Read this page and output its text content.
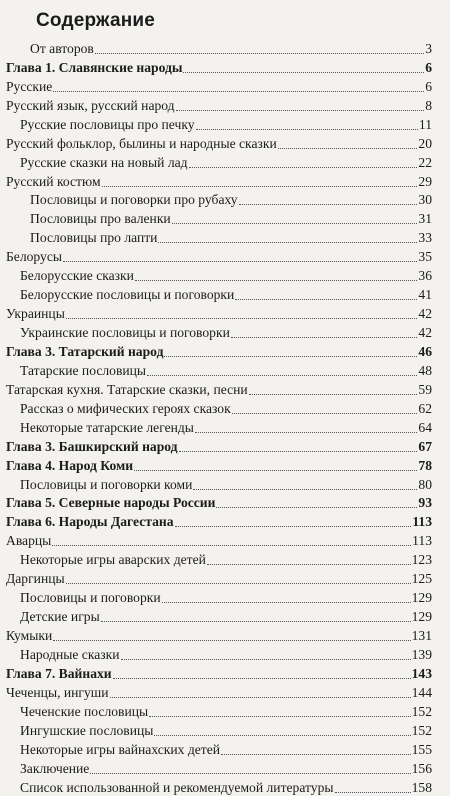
Содержание
От авторов	3
Глава 1. Славянские народы	6
Русские	6
Русский язык, русский народ	8
Русские пословицы про печку	11
Русский фольклор, былины и народные сказки	20
Русские сказки на новый лад	22
Русский костюм	29
Пословицы и поговорки про рубаху	30
Пословицы про валенки	31
Пословицы про лапти	33
Белорусы	35
Белорусские сказки	36
Белорусские пословицы и поговорки	41
Украинцы	42
Украинские пословицы и поговорки	42
Глава 3. Татарский народ	46
Татарские пословицы	48
Татарская кухня. Татарские сказки, песни	59
Рассказ о мифических героях сказок	62
Некоторые татарские легенды	64
Глава 3. Башкирский народ	67
Глава 4. Народ Коми	78
Пословицы и поговорки коми	80
Глава 5. Северные народы России	93
Глава 6. Народы Дагестана	113
Аварцы	113
Некоторые игры аварских детей	123
Даргинцы	125
Пословицы и поговорки	129
Детские игры	129
Кумыки	131
Народные сказки	139
Глава 7. Вайнахи	143
Чеченцы, ингуши	144
Чеченские пословицы	152
Ингушские пословицы	152
Некоторые игры вайнахских детей	155
Заключение	156
Список использованной и рекомендуемой литературы	158
